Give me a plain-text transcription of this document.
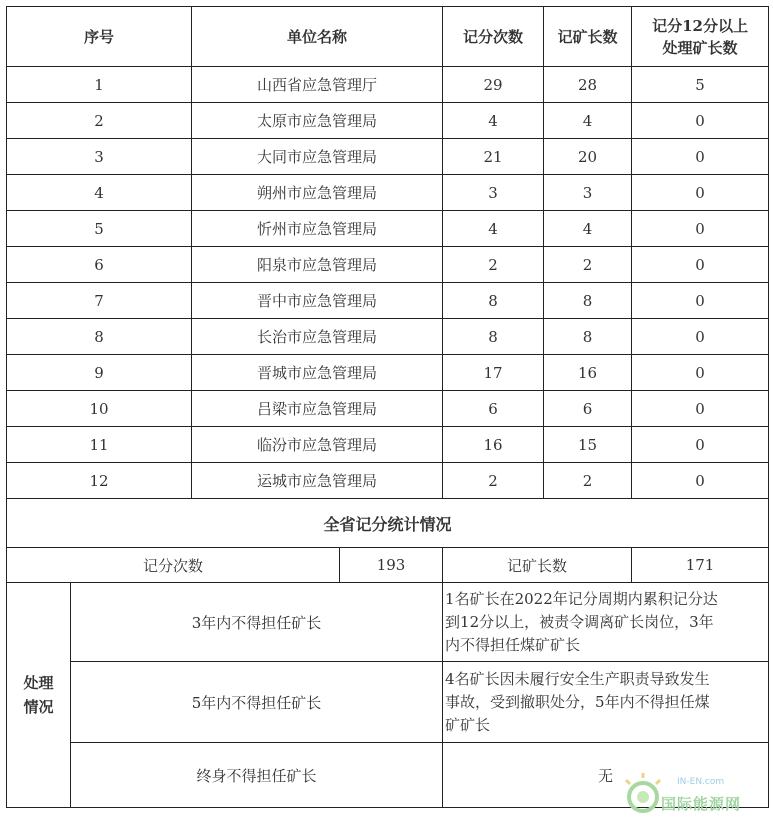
序号		单位名称		记分次数	记矿长数	记分12分以上
处理矿长数
1		山西省应急管理厅		29	28	5
2		太原市应急管理局		4	4	0
3		大同市应急管理局		21	20	0
4		朔州市应急管理局		3	3	0
5		忻州市应急管理局		4	4	0
6		阳泉市应急管理局		2	2	0
7		晋中市应急管理局		8	8	0
8		长治市应急管理局		8	8	0
9		晋城市应急管理局		17	16	0
10		吕梁市应急管理局		6	6	0
11		临汾市应急管理局		16	15	0
12		运城市应急管理局		2	2	0
全省记分统计情况						
记分次数			193	记矿长数		171
处理
情况	3年内不得担任矿长			1名矿长在2022年记分周期内累积记分达
到12分以上，被责令调离矿长岗位，3年
内不得担任煤矿矿长		
	5年内不得担任矿长			4名矿长因未履行安全生产职责导致发生
事故，受到撤职处分，5年内不得担任煤
矿矿长		
	终身不得担任矿长			无			IN-EN.com
国际能源网
